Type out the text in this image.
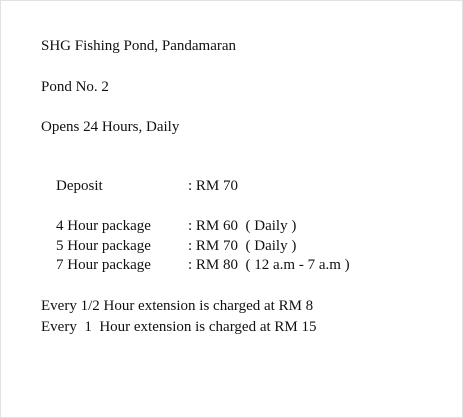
SHG Fishing Pond, Pandamaran
Pond No. 2
Opens 24 Hours, Daily

Deposit	: RM 70

4 Hour package : RM 60  ( Daily )

5 Hour package : RM 70  ( Daily )

7 Hour package : RM 80  ( 12 a.m - 7 a.m )

Every 1/2 Hour extension is charged at RM 8
Every  1  Hour extension is charged at RM 15
